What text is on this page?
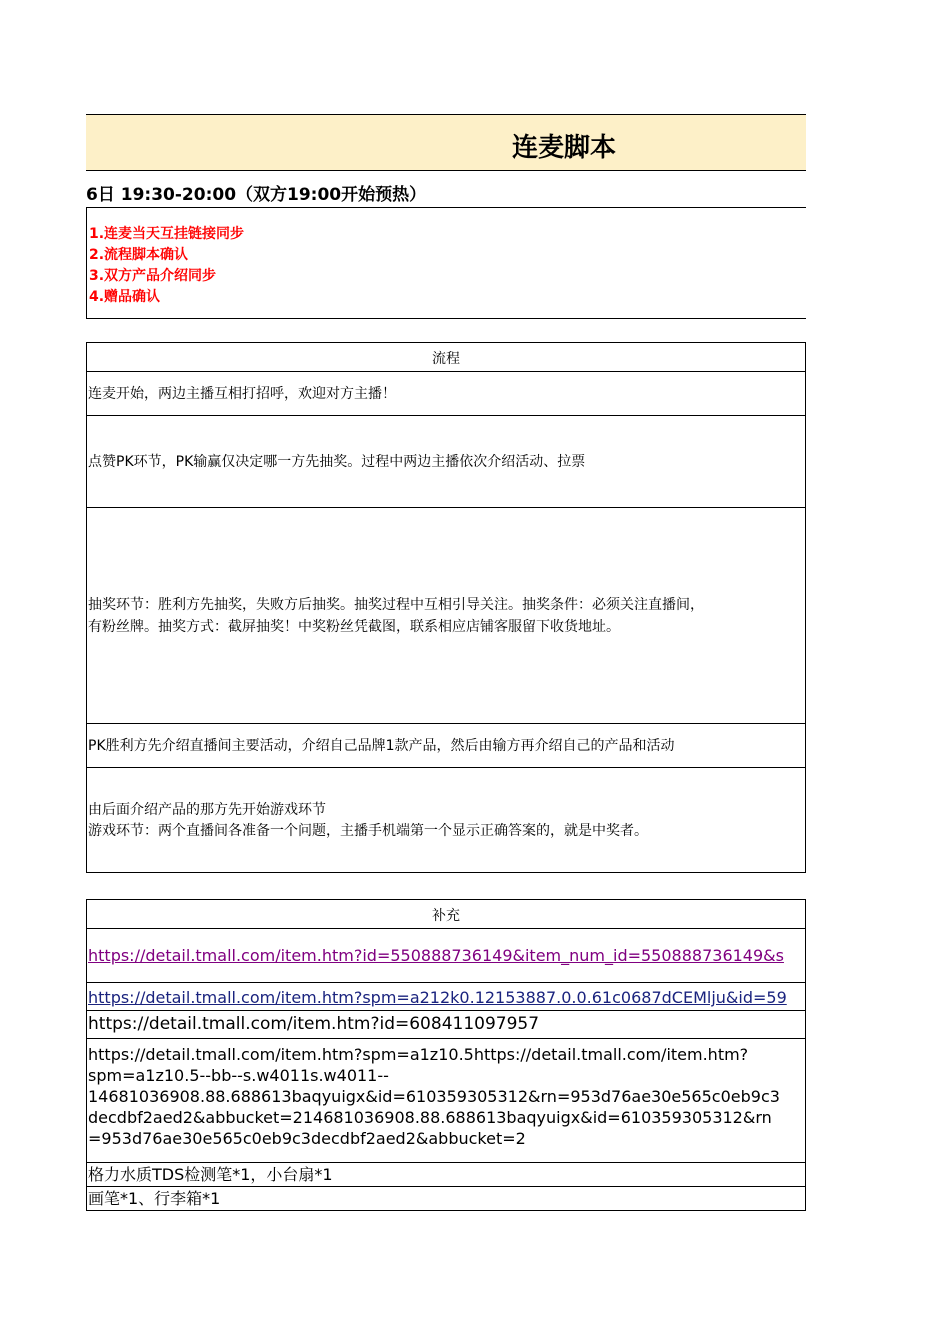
连麦脚本
6日 19:30-20:00（双方19:00开始预热）
1.连麦当天互挂链接同步
2.流程脚本确认
3.双方产品介绍同步
4.赠品确认
流程
连麦开始，两边主播互相打招呼，欢迎对方主播！
点赞PK环节，PK输赢仅决定哪一方先抽奖。过程中两边主播依次介绍活动、拉票
抽奖环节：胜利方先抽奖，失败方后抽奖。抽奖过程中互相引导关注。抽奖条件：必须关注直播间，
有粉丝牌。抽奖方式：截屏抽奖！中奖粉丝凭截图，联系相应店铺客服留下收货地址。
PK胜利方先介绍直播间主要活动，介绍自己品牌1款产品，然后由输方再介绍自己的产品和活动
由后面介绍产品的那方先开始游戏环节
游戏环节：两个直播间各准备一个问题，主播手机端第一个显示正确答案的，就是中奖者。
补充
https://detail.tmall.com/item.htm?id=550888736149&item_num_id=550888736149&s
https://detail.tmall.com/item.htm?spm=a212k0.12153887.0.0.61c0687dCEMlju&id=59
https://detail.tmall.com/item.htm?id=608411097957
https://detail.tmall.com/item.htm?spm=a1z10.5https://detail.tmall.com/item.htm?
spm=a1z10.5--bb--s.w4011s.w4011--
14681036908.88.688613baqyuigx&id=610359305312&rn=953d76ae30e565c0eb9c3
decdbf2aed2&abbucket=214681036908.88.688613baqyuigx&id=610359305312&rn
=953d76ae30e565c0eb9c3decdbf2aed2&abbucket=2
格力水质TDS检测笔*1，小台扇*1
画笔*1、行李箱*1
